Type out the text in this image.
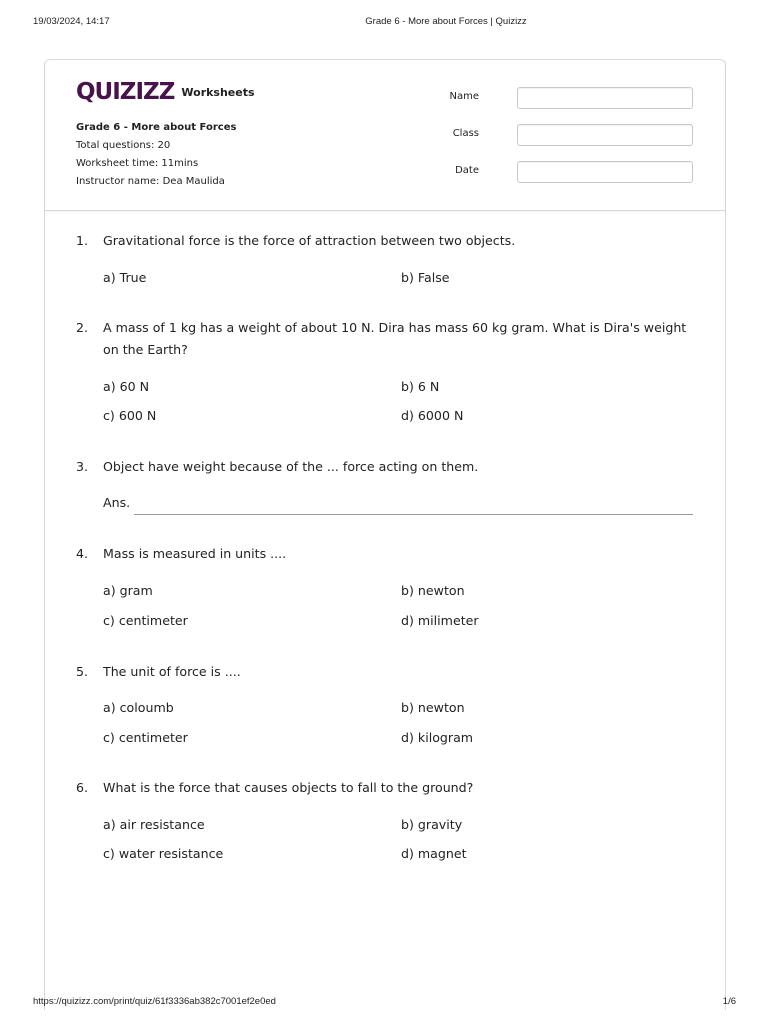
19/03/2024, 14:17	Grade 6 - More about Forces | Quizizz
QUIZIZZ Worksheets
Grade 6 - More about Forces
Total questions: 20
Worksheet time: 11mins
Instructor name: Dea Maulida
Name
Class
Date
1. Gravitational force is the force of attraction between two objects.
a) True	b) False
2. A mass of 1 kg has a weight of about 10 N. Dira has mass 60 kg gram. What is Dira's weight on the Earth?
a) 60 N	b) 6 N
c) 600 N	d) 6000 N
3. Object have weight because of the ... force acting on them.
Ans.
4. Mass is measured in units ....
a) gram	b) newton
c) centimeter	d) milimeter
5. The unit of force is ....
a) coloumb	b) newton
c) centimeter	d) kilogram
6. What is the force that causes objects to fall to the ground?
a) air resistance	b) gravity
c) water resistance	d) magnet
https://quizizz.com/print/quiz/61f3336ab382c7001ef2e0ed	1/6
